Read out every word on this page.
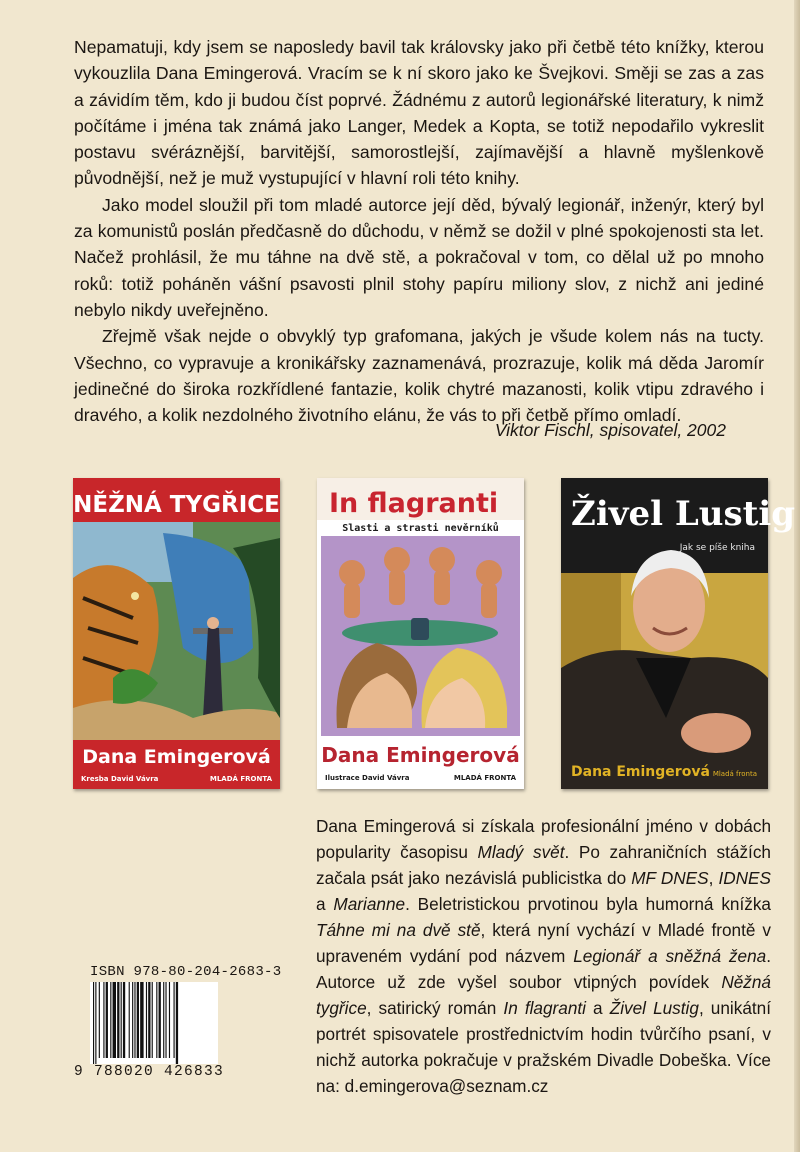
Nepamatuji, kdy jsem se naposledy bavil tak královsky jako při četbě této knížky, kterou vykouzlila Dana Emingerová. Vracím se k ní skoro jako ke Švejkovi. Směji se zas a zas a závidím těm, kdo ji budou číst poprvé. Žádnému z autorů legionářské literatury, k nimž počítáme i jména tak známá jako Langer, Medek a Kopta, se totiž nepodařilo vykreslit postavu svéráznější, barvitější, samorostlejší, zajímavější a hlavně myšlenkově původnější, než je muž vystupující v hlavní roli této knihy.

Jako model sloužil při tom mladé autorce její děd, bývalý legionář, inženýr, který byl za komunistů poslán předčasně do důchodu, v němž se dožil v plné spokojenosti sta let. Načež prohlásil, že mu táhne na dvě stě, a pokračoval v tom, co dělal už po mnoho roků: totiž poháněn vášní psavosti plnil stohy papíru miliony slov, z nichž ani jediné nebylo nikdy uveřejněno.

Zřejmě však nejde o obvyklý typ grafomana, jakých je všude kolem nás na tucty. Všechno, co vypravuje a kronikářsky zaznamenává, prozrazuje, kolik má děda Jaromír jedinečné do široka rozkřídlené fantazie, kolik chytré mazanosti, kolik vtipu zdravého i dravého, a kolik nezdolného životního elánu, že vás to při četbě přímo omladí.

Viktor Fischl, spisovatel, 2002
NĚŽNÁ TYGŘICE
Dana Emingerová
Kresba David Vávra	MLADÁ FRONTA
In flagranti
Slasti a strasti nevěrníků
Dana Emingerová
Ilustrace David Vávra	MLADÁ FRONTA
Živel Lustig
Jak se píše kniha
Dana Emingerová Mladá fronta
Dana Emingerová si získala profesionální jméno v dobách popularity časopisu Mladý svět. Po zahraničních stážích začala psát jako nezávislá publicistka do MF DNES, IDNES a Marianne. Beletristickou prvotinou byla humorná knížka Táhne mi na dvě stě, která nyní vychází v Mladé frontě v upraveném vydání pod názvem Legionář a sněžná žena. Autorce už zde vyšel soubor vtipných povídek Něžná tygřice, satirický román In flagranti a Živel Lustig, unikátní portrét spisovatele prostřednictvím hodin tvůrčího psaní, v nichž autorka pokračuje v pražském Divadle Dobeška. Více na: d.emingerova@seznam.cz
ISBN 978-80-204-2683-3
9 788020 426833
